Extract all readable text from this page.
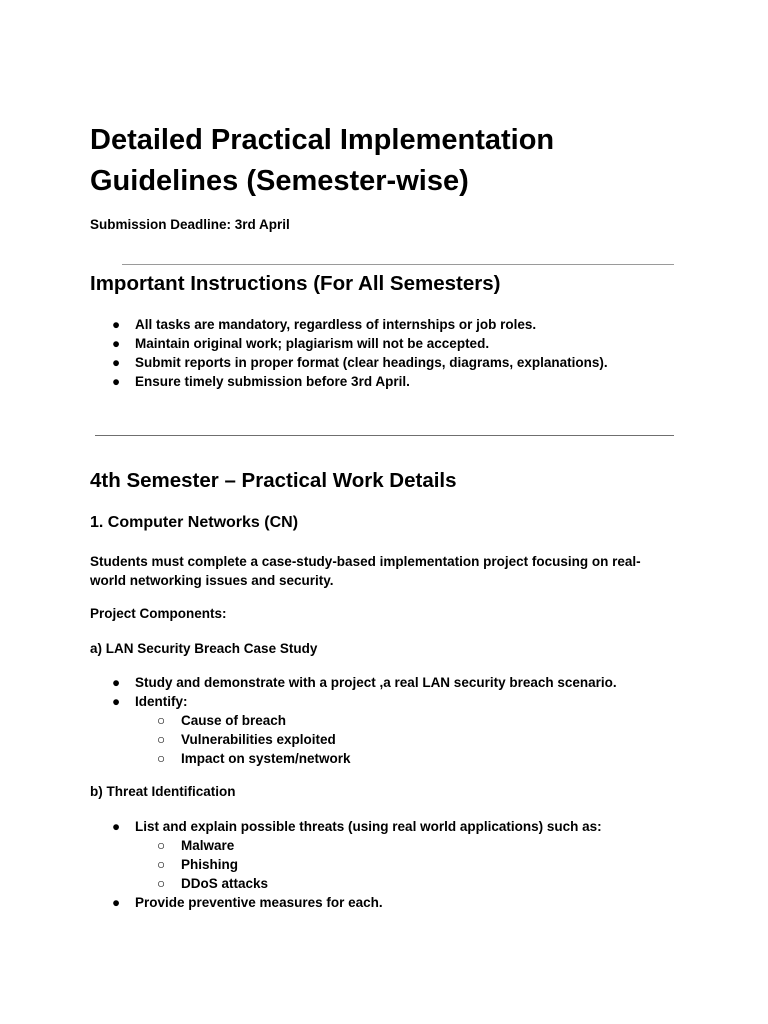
Detailed Practical Implementation Guidelines (Semester-wise)
Submission Deadline: 3rd April
Important Instructions (For All Semesters)
● All tasks are mandatory, regardless of internships or job roles.
● Maintain original work; plagiarism will not be accepted.
● Submit reports in proper format (clear headings, diagrams, explanations).
● Ensure timely submission before 3rd April.
4th Semester – Practical Work Details
1. Computer Networks (CN)
Students must complete a case-study-based implementation project focusing on real-world networking issues and security.
Project Components:
a) LAN Security Breach Case Study
● Study and demonstrate with a project ,a real LAN security breach scenario.
● Identify:
○ Cause of breach
○ Vulnerabilities exploited
○ Impact on system/network
b) Threat Identification
● List and explain possible threats (using real world applications) such as:
○ Malware
○ Phishing
○ DDoS attacks
● Provide preventive measures for each.
